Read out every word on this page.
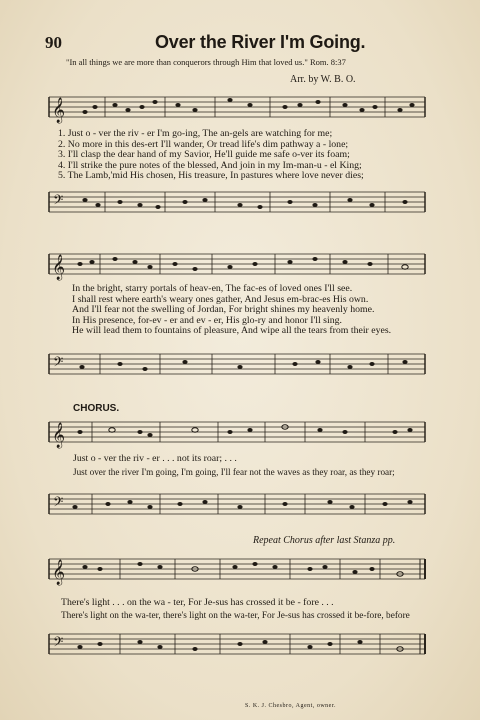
90	Over the River I'm Going.
"In all things we are more than conquerors through Him that loved us." Rom. 8:37
Arr. by W. B. O.
𝄞
1. Just o - ver the riv - er I'm go-ing, The an-gels are watching for me;
2. No more in this des-ert I'll wander, Or tread life's dim pathway a - lone;
3. I'll clasp the dear hand of my Savior, He'll guide me safe o-ver its foam;
4. I'll strike the pure notes of the blessed, And join in my Im-man-u - el King;
5. The Lamb,'mid His chosen, His treasure, In pastures where love never dies;
𝄢
𝄞
In the bright, starry portals of heav-en, The fac-es of loved ones I'll see.
I shall rest where earth's weary ones gather, And Jesus em-brac-es His own.
And I'll fear not the swelling of Jordan, For bright shines my heavenly home.
In His presence, for-ev - er and ev - er, His glo-ry and honor I'll sing.
He will lead them to fountains of pleasure, And wipe all the tears from their eyes.
𝄢
CHORUS.
𝄞
Just o - ver the riv - er . . . not its roar; . . .
Just over the river I'm going, I'm going, I'll fear not the waves as they roar, as they roar;
𝄢
Repeat Chorus after last Stanza pp.
𝄞
There's light . . . on the wa - ter, For Je-sus has crossed it be - fore . . .
There's light on the wa-ter, there's light on the wa-ter, For Je-sus has crossed it be-fore, before
𝄢
S. K. J. Chesbro, Agent, owner.
